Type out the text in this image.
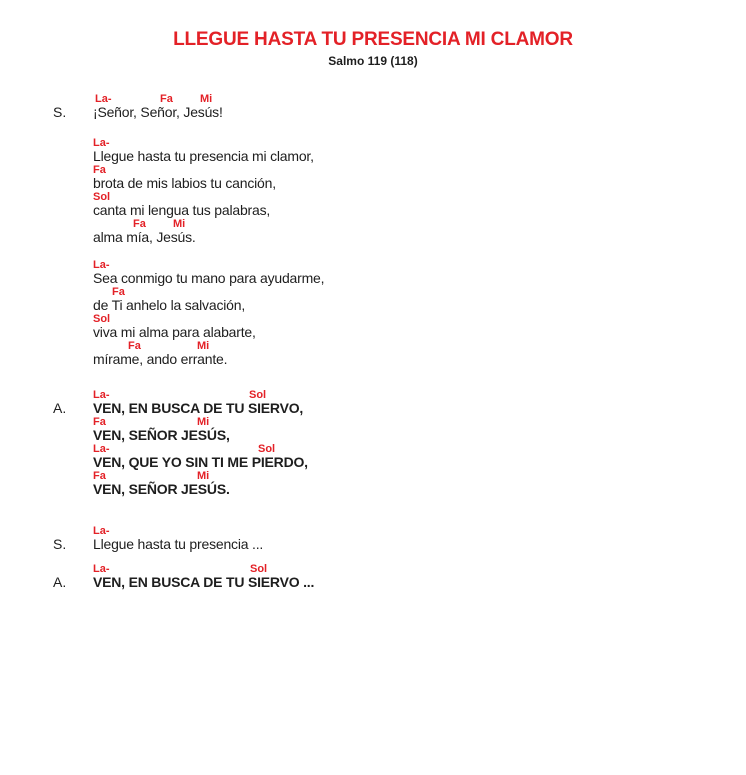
LLEGUE HASTA TU PRESENCIA MI CLAMOR
Salmo 119 (118)
S.
La-	Fa Mi
¡Señor, Señor, Jesús!
La-
Llegue hasta tu presencia mi clamor,
Fa
brota de mis labios tu canción,
Sol
canta mi lengua tus palabras,
Fa Mi
alma mía, Jesús.
La-
Sea conmigo tu mano para ayudarme,
Fa
de Ti anhelo la salvación,
Sol
viva mi alma para alabarte,
Fa	Mi
mírame, ando errante.
A.
La-	Sol
VEN, EN BUSCA DE TU SIERVO,
Fa	Mi
VEN, SEÑOR JESÚS,
La-	Sol
VEN, QUE YO SIN TI ME PIERDO,
Fa	Mi
VEN, SEÑOR JESÚS.
S.
La-
Llegue hasta tu presencia ...
A.
La-	Sol
VEN, EN BUSCA DE TU SIERVO ...
